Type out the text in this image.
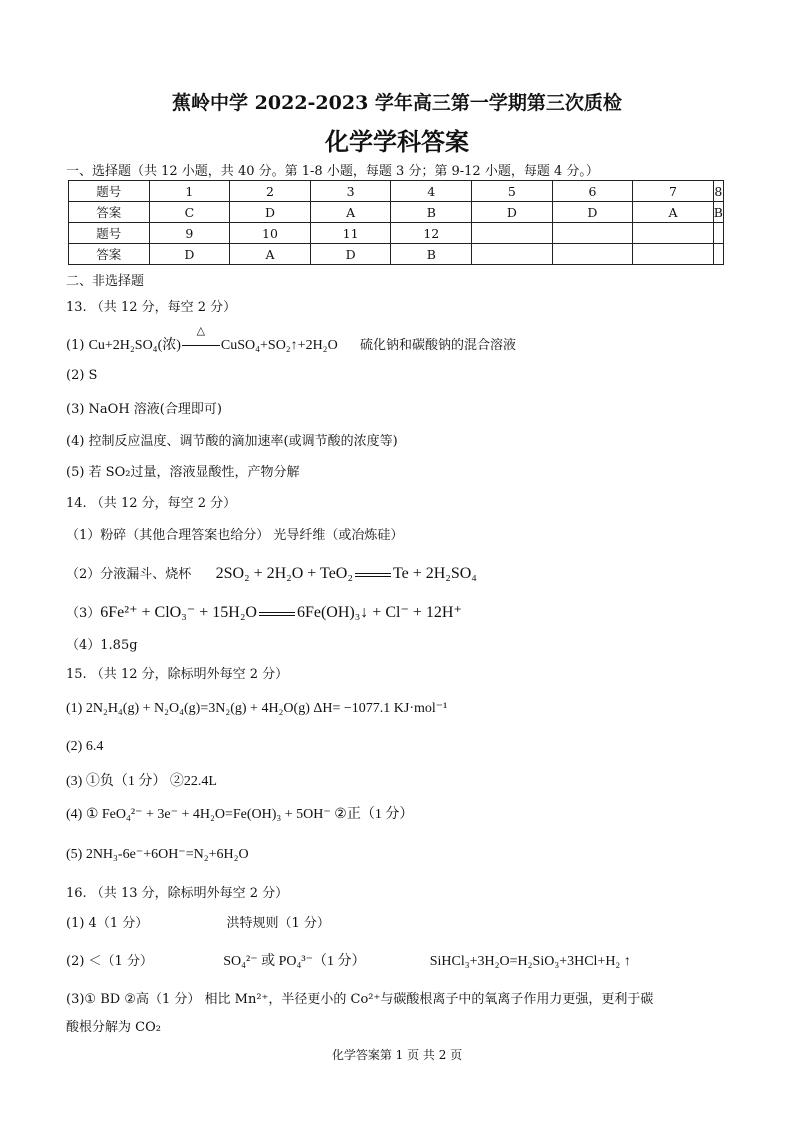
蕉岭中学 2022-2023 学年高三第一学期第三次质检
化学学科答案
一、选择题（共 12 小题，共 40 分。第 1-8 小题，每题 3 分；第 9-12 小题，每题 4 分。）
题号	1	2	3	4	5	6	7	8
答案	C	D	A	B	D	D	A	B
题号	9	10	11	12				
答案	D	A	D	B				
二、非选择题
13. （共 12 分，每空 2 分）
(1) Cu+2H₂SO₄(浓)
△
CuSO₄+SO₂↑+2H₂O 硫化钠和碳酸钠的混合溶液
(2) S
(3) NaOH 溶液(合理即可)
(4) 控制反应温度、调节酸的滴加速率(或调节酸的浓度等)
(5) 若 SO₂过量，溶液显酸性，产物分解
14. （共 12 分，每空 2 分）
（1）粉碎（其他合理答案也给分） 光导纤维（或冶炼硅）
（2）分液漏斗、烧杯 2SO₂ + 2H₂O + TeO₂	Te + 2H₂SO₄
（3）6Fe²⁺ + ClO₃⁻ + 15H₂O	6Fe(OH)₃↓ + Cl⁻ + 12H⁺
（4）1.85g
15. （共 12 分，除标明外每空 2 分）
(1) 2N₂H₄(g) + N₂O₄(g)=3N₂(g) + 4H₂O(g) ΔH= −1077.1 KJ·mol⁻¹
(2) 6.4
(3) ①负（1 分） ②22.4L
(4) ① FeO₄²⁻ + 3e⁻ + 4H₂O=Fe(OH)₃ + 5OH⁻ ②正（1 分）
(5) 2NH₃-6e⁻+6OH⁻=N₂+6H₂O
16. （共 13 分，除标明外每空 2 分）
(1) 4（1 分）	洪特规则（1 分）
(2) ＜（1 分）	SO₄²⁻ 或 PO₄³⁻（1 分）	SiHCl₃+3H₂O=H₂SiO₃+3HCl+H₂ ↑
(3)① BD ②高（1 分） 相比 Mn²⁺，半径更小的 Co²⁺与碳酸根离子中的氧离子作用力更强，更利于碳
酸根分解为 CO₂
化学答案第 1 页 共 2 页
